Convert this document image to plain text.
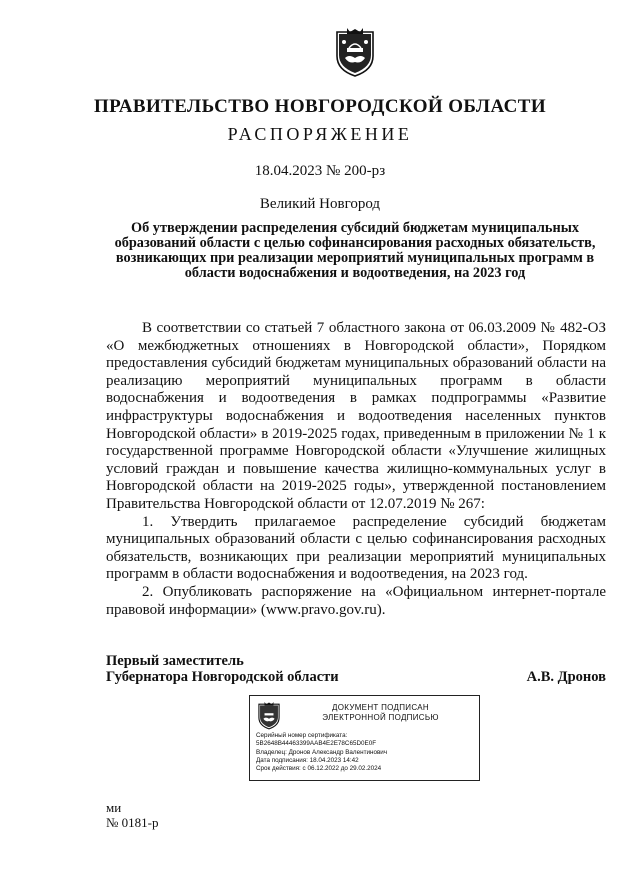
ПРАВИТЕЛЬСТВО НОВГОРОДСКОЙ ОБЛАСТИ
РАСПОРЯЖЕНИЕ
18.04.2023 № 200-рз
Великий Новгород
Об утверждении распределения субсидий бюджетам муниципальных образований области с целью софинансирования расходных обязательств, возникающих при реализации мероприятий муниципальных программ в области водоснабжения и водоотведения, на 2023 год

В соответствии со статьей 7 областного закона от 06.03.2009 № 482-ОЗ «О межбюджетных отношениях в Новгородской области», Порядком предоставления субсидий бюджетам муниципальных образований области на реализацию мероприятий муниципальных программ в области водоснабжения и водоотведения в рамках подпрограммы «Развитие инфраструктуры водоснабжения и водоотведения населенных пунктов Новгородской области» в 2019-2025 годах, приведенным в приложении № 1 к государственной программе Новгородской области «Улучшение жилищных условий граждан и повышение качества жилищно-коммунальных услуг в Новгородской области на 2019-2025 годы», утвержденной постановлением Правительства Новгородской области от 12.07.2019 № 267:

1. Утвердить прилагаемое распределение субсидий бюджетам муниципальных образований области с целью софинансирования расходных обязательств, возникающих при реализации мероприятий муниципальных программ в области водоснабжения и водоотведения, на 2023 год.

2. Опубликовать распоряжение на «Официальном интернет-портале правовой информации» (www.pravo.gov.ru).

Первый заместитель
Губернатора Новгородской области	А.В. Дронов
ДОКУМЕНТ ПОДПИСАН
ЭЛЕКТРОННОЙ ПОДПИСЬЮ
Серийный номер сертификата:
5B2648B44463399AAB4E2E78C65D0E0F
Владелец: Дронов Александр Валентинович
Дата подписания: 18.04.2023 14:42
Срок действия: с 06.12.2022 до 29.02.2024
ми
№ 0181-р
